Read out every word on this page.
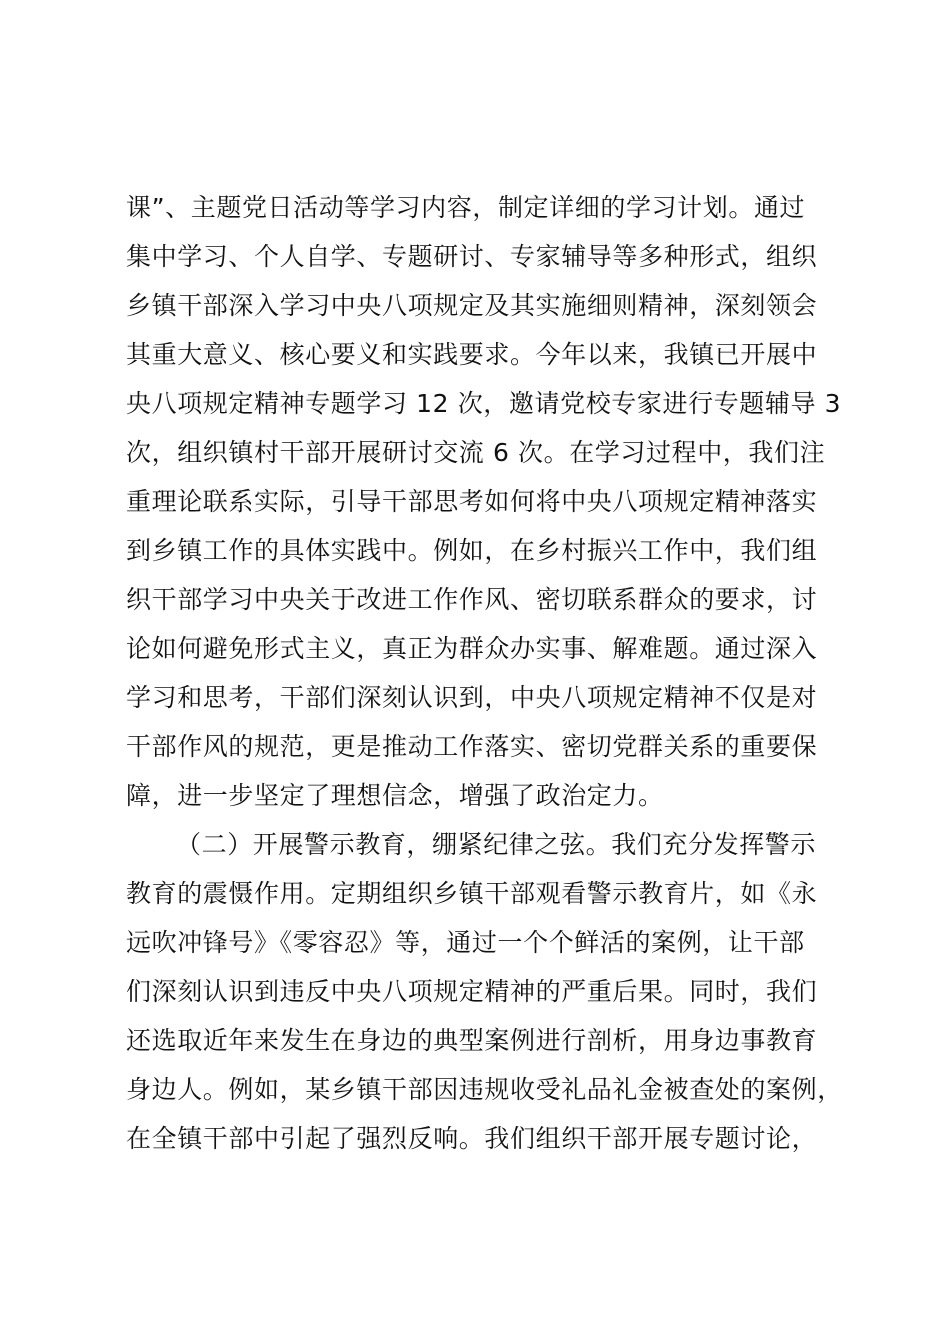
课”、主题党日活动等学习内容，制定详细的学习计划。通过
集中学习、个人自学、专题研讨、专家辅导等多种形式，组织
乡镇干部深入学习中央八项规定及其实施细则精神，深刻领会
其重大意义、核心要义和实践要求。今年以来，我镇已开展中
央八项规定精神专题学习 12 次，邀请党校专家进行专题辅导 3
次，组织镇村干部开展研讨交流 6 次。在学习过程中，我们注
重理论联系实际，引导干部思考如何将中央八项规定精神落实
到乡镇工作的具体实践中。例如，在乡村振兴工作中，我们组
织干部学习中央关于改进工作作风、密切联系群众的要求，讨
论如何避免形式主义，真正为群众办实事、解难题。通过深入
学习和思考，干部们深刻认识到，中央八项规定精神不仅是对
干部作风的规范，更是推动工作落实、密切党群关系的重要保
障，进一步坚定了理想信念，增强了政治定力。
（二）开展警示教育，绷紧纪律之弦。我们充分发挥警示
教育的震慑作用。定期组织乡镇干部观看警示教育片，如《永
远吹冲锋号》《零容忍》等，通过一个个鲜活的案例，让干部
们深刻认识到违反中央八项规定精神的严重后果。同时，我们
还选取近年来发生在身边的典型案例进行剖析，用身边事教育
身边人。例如，某乡镇干部因违规收受礼品礼金被查处的案例，
在全镇干部中引起了强烈反响。我们组织干部开展专题讨论，
